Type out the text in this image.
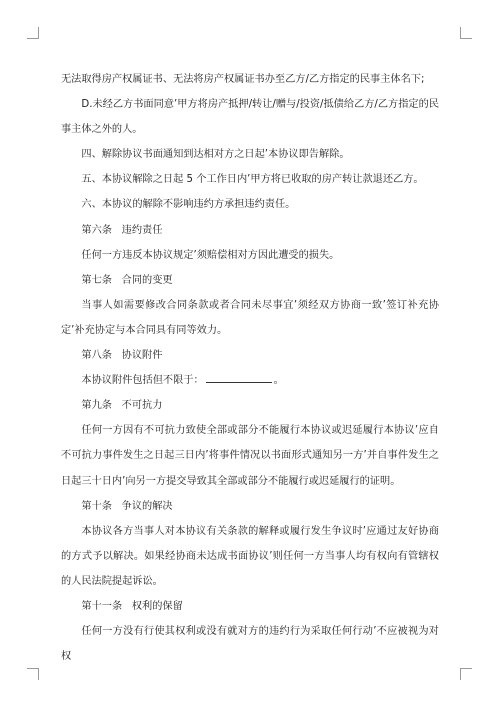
无法取得房产权属证书、无法将房产权属证书办至乙方/乙方指定的民事主体名下;

D.未经乙方书面同意’甲方将房产抵押/转让/赠与/投资/抵债给乙方/乙方指定的民事主体之外的人。

四、解除协议书面通知到达相对方之日起’本协议即告解除。

五、本协议解除之日起 5 个工作日内’甲方将已收取的房产转让款退还乙方。

六、本协议的解除不影响违约方承担违约责任。

第六条   违约责任

任何一方违反本协议规定’须赔偿相对方因此遭受的损失。

第七条   合同的变更

当事人如需要修改合同条款或者合同未尽事宜’须经双方协商一致’签订补充协定’补充协定与本合同具有同等效力。

第八条   协议附件

本协议附件包括但不限于：	。

第九条   不可抗力

任何一方因有不可抗力致使全部或部分不能履行本协议或迟延履行本协议’应自不可抗力事件发生之日起三日内’将事件情况以书面形式通知另一方’并自事件发生之日起三十日内’向另一方提交导致其全部或部分不能履行或迟延履行的证明。

第十条   争议的解决

本协议各方当事人对本协议有关条款的解释或履行发生争议时’应通过友好协商的方式予以解决。如果经协商未达成书面协议’则任何一方当事人均有权向有管辖权的人民法院提起诉讼。

第十一条   权利的保留

任何一方没有行使其权利或没有就对方的违约行为采取任何行动’不应被视为对权
